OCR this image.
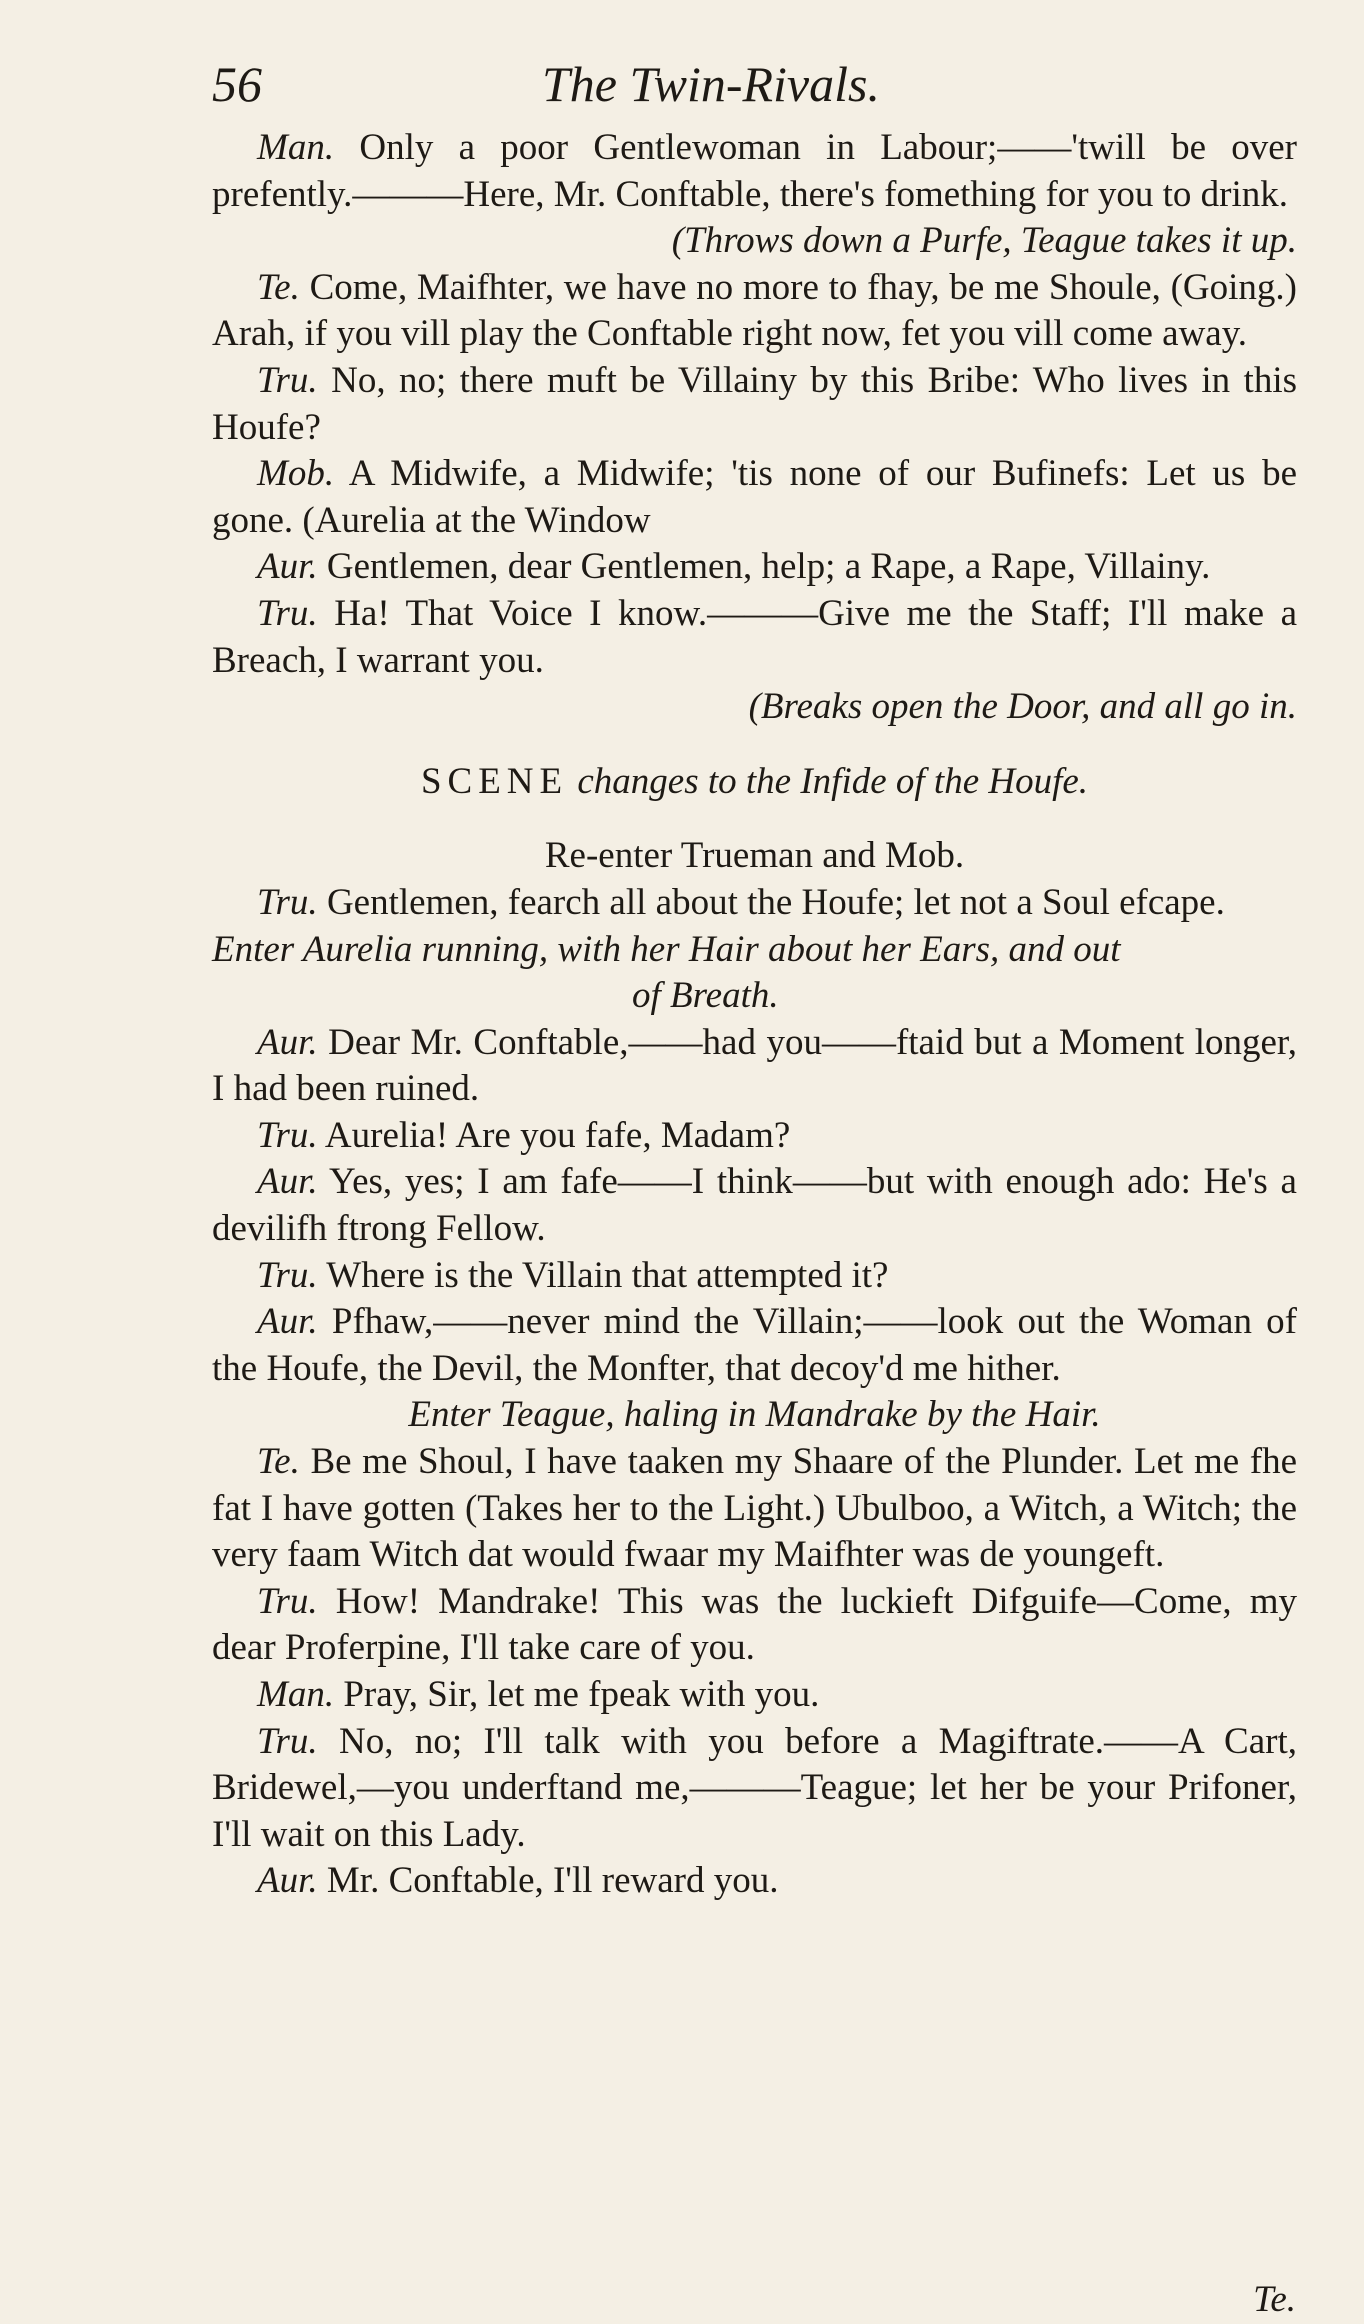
56	The Twin-Rivals.

Man. Only a poor Gentlewoman in Labour;——'twill be over prefently.———Here, Mr. Conftable, there's fomething for you to drink.

(Throws down a Purfe, Teague takes it up.

Te. Come, Maifhter, we have no more to fhay, be me Shoule, (Going.) Arah, if you vill play the Conftable right now, fet you vill come away.

Tru. No, no; there muft be Villainy by this Bribe: Who lives in this Houfe?

Mob. A Midwife, a Midwife; 'tis none of our Bufinefs: Let us be gone. (Aurelia at the Window

Aur. Gentlemen, dear Gentlemen, help; a Rape, a Rape, Villainy.

Tru. Ha! That Voice I know.———Give me the Staff; I'll make a Breach, I warrant you.

(Breaks open the Door, and all go in.

SCENE changes to the Infide of the Houfe.

Re-enter Trueman and Mob.

Tru. Gentlemen, fearch all about the Houfe; let not a Soul efcape.

Enter Aurelia running, with her Hair about her Ears, and out

of Breath.

Aur. Dear Mr. Conftable,——had you——ftaid but a Moment longer, I had been ruined.

Tru. Aurelia! Are you fafe, Madam?

Aur. Yes, yes; I am fafe——I think——but with enough ado: He's a devilifh ftrong Fellow.

Tru. Where is the Villain that attempted it?

Aur. Pfhaw,——never mind the Villain;——look out the Woman of the Houfe, the Devil, the Monfter, that decoy'd me hither.

Enter Teague, haling in Mandrake by the Hair.

Te. Be me Shoul, I have taaken my Shaare of the Plunder. Let me fhe fat I have gotten (Takes her to the Light.) Ubulboo, a Witch, a Witch; the very faam Witch dat would fwaar my Maifhter was de youngeft.

Tru. How! Mandrake! This was the luckieft Difguife—Come, my dear Proferpine, I'll take care of you.

Man. Pray, Sir, let me fpeak with you.

Tru. No, no; I'll talk with you before a Magiftrate.——A Cart, Bridewel,—you underftand me,———Teague; let her be your Prifoner, I'll wait on this Lady.

Aur. Mr. Conftable, I'll reward you.

Te.
